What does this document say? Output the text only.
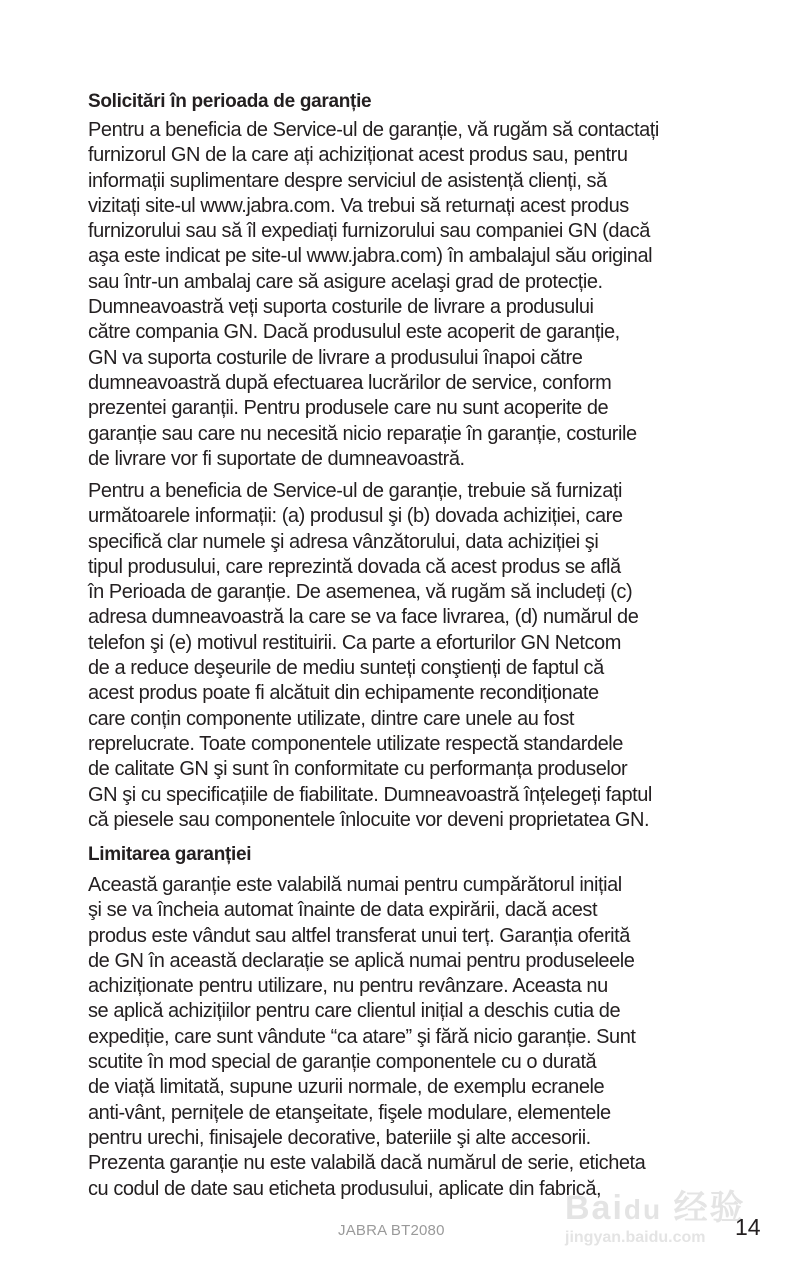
Solicitări în perioada de garanție
Pentru a beneficia de Service-ul de garanție, vă rugăm să contactați
furnizorul GN de la care ați achiziționat acest produs sau, pentru
informații suplimentare despre serviciul de asistență clienți, să
vizitați site-ul www.jabra.com. Va trebui să returnați acest produs
furnizorului sau să îl expediați furnizorului sau companiei GN (dacă
aşa este indicat pe site-ul www.jabra.com) în ambalajul său original
sau într-un ambalaj care să asigure acelaşi grad de protecție.
Dumneavoastră veți suporta costurile de livrare a produsului
către compania GN. Dacă produsulul este acoperit de garanție,
GN va suporta costurile de livrare a produsului înapoi către
dumneavoastră după efectuarea lucrărilor de service, conform
prezentei garanții. Pentru produsele care nu sunt acoperite de
garanție sau care nu necesită nicio reparație în garanție, costurile
de livrare vor fi suportate de dumneavoastră.
Pentru a beneficia de Service-ul de garanție, trebuie să furnizați
următoarele informații: (a) produsul şi (b) dovada achiziției, care
specifică clar numele şi adresa vânzătorului, data achiziției şi
tipul produsului, care reprezintă dovada că acest produs se află
în Perioada de garanție. De asemenea, vă rugăm să includeți (c)
adresa dumneavoastră la care se va face livrarea, (d) numărul de
telefon şi (e) motivul restituirii. Ca parte a eforturilor GN Netcom
de a reduce deşeurile de mediu sunteți conştienți de faptul că
acest produs poate fi alcătuit din echipamente recondiționate
care conțin componente utilizate, dintre care unele au fost
reprelucrate. Toate componentele utilizate respectă standardele
de calitate GN şi sunt în conformitate cu performanța produselor
GN şi cu specificațiile de fiabilitate. Dumneavoastră înțelegeți faptul
că piesele sau componentele înlocuite vor deveni proprietatea GN.
Limitarea garanției
Această garanție este valabilă numai pentru cumpărătorul inițial
şi se va încheia automat înainte de data expirării, dacă acest
produs este vândut sau altfel transferat unui terț. Garanția oferită
de GN în această declarație se aplică numai pentru produseleele
achiziționate pentru utilizare, nu pentru revânzare. Aceasta nu
se aplică achizițiilor pentru care clientul inițial a deschis cutia de
expediție, care sunt vândute “ca atare” şi fără nicio garanție. Sunt
scutite în mod special de garanție componentele cu o durată
de viață limitată, supune uzurii normale, de exemplu ecranele
anti-vânt, pernițele de etanşeitate, fişele modulare, elementele
pentru urechi, finisajele decorative, bateriile şi alte accesorii.
Prezenta garanție nu este valabilă dacă numărul de serie, eticheta
cu codul de date sau eticheta produsului, aplicate din fabrică,
Baidu 经验
jingyan.baidu.com
JABRA BT2080	14
